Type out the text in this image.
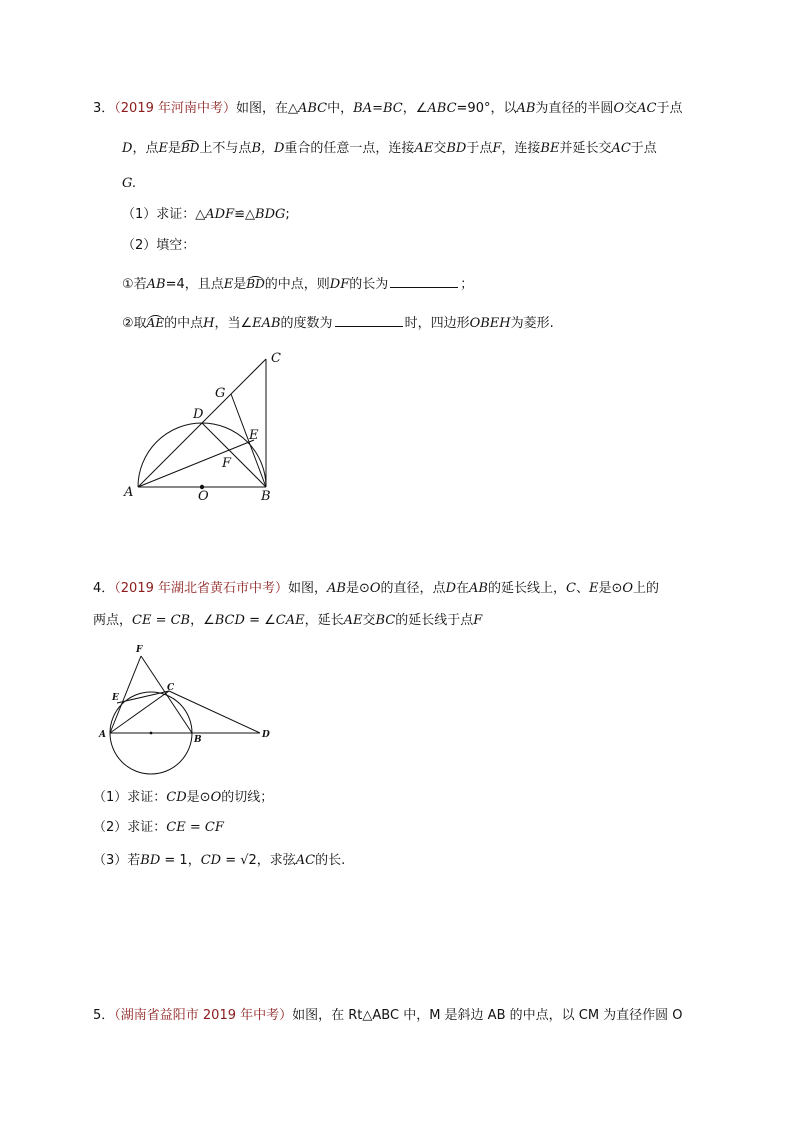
3．（2019 年河南中考）如图，在△ABC中，BA=BC，∠ABC=90°，以AB为直径的半圆O交AC于点
D，点E是BD上不与点B，D重合的任意一点，连接AE交BD于点F，连接BE并延长交AC于点
G.
（1）求证：△ADF≌△BDG;
（2）填空：
①若AB=4，且点E是BD的中点，则DF的长为	；
②取AE的中点H，当∠EAB的度数为	时，四边形OBEH为菱形.
C
G
D
E
F
A	O	B
4．（2019 年湖北省黄石市中考）如图，AB是⊙O的直径，点D在AB的延长线上，C、E是⊙O上的
两点，CE = CB，∠BCD = ∠CAE，延长AE交BC的延长线于点F
F
E
C
A	B	D
（1）求证：CD是⊙O的切线；
（2）求证：CE = CF
（3）若BD = 1，CD = √2，求弦AC的长.
5．（湖南省益阳市 2019 年中考）如图，在 Rt△ABC 中，M 是斜边 AB 的中点，以 CM 为直径作圆 O
